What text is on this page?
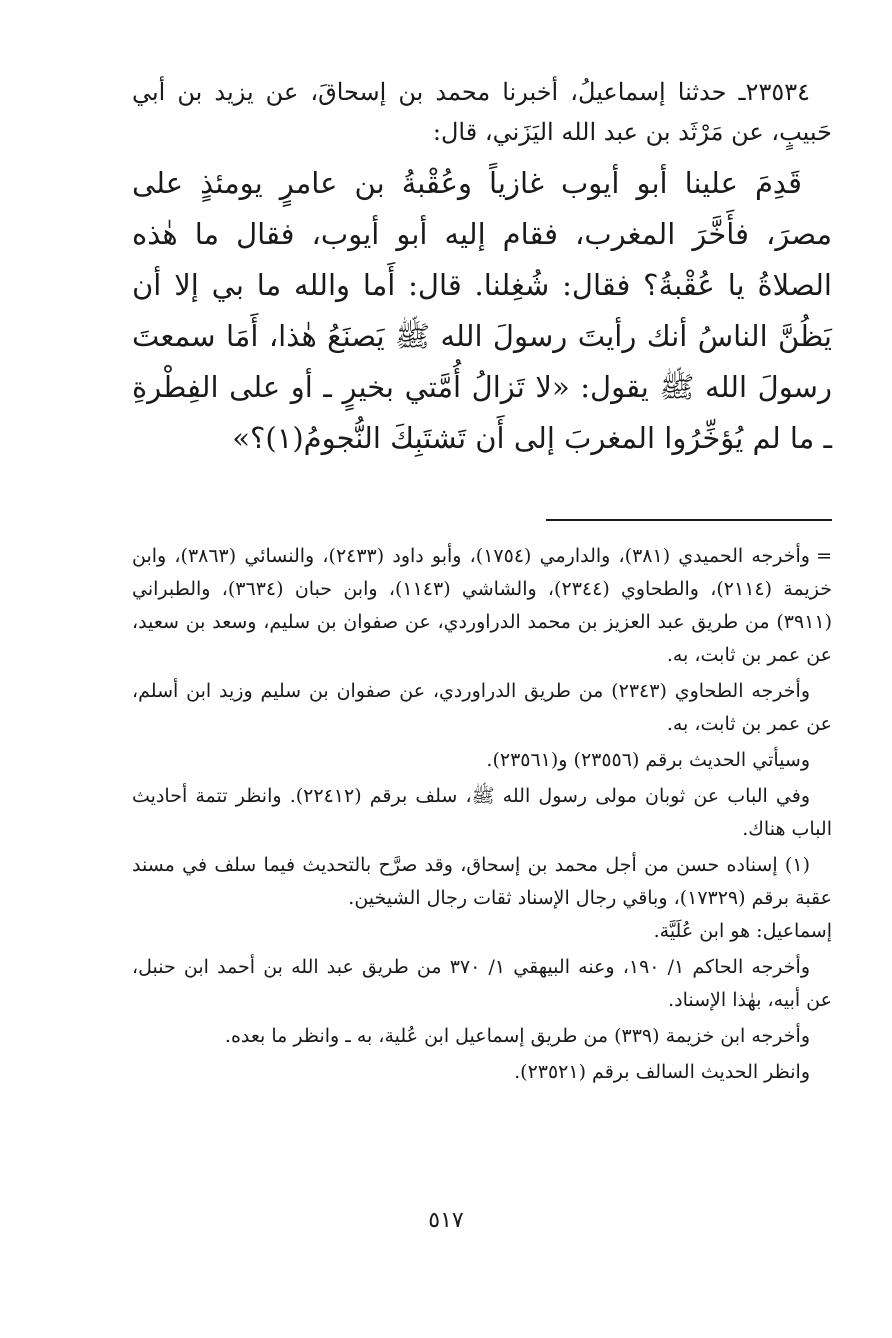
٢٣٥٣٤ـ حدثنا إسماعيلُ، أخبرنا محمد بن إسحاقَ، عن يزيد بن أبي حَبيبٍ، عن مَرْثَد بن عبد الله اليَزَني، قال:

قَدِمَ علينا أبو أيوب غازياً وعُقْبةُ بن عامرٍ يومئذٍ على مصرَ، فأَخَّرَ المغرب، فقام إليه أبو أيوب، فقال ما هٰذه الصلاةُ يا عُقْبةُ؟ فقال: شُغِلنا. قال: أَما والله ما بي إلا أن يَظُنَّ الناسُ أنك رأيتَ رسولَ الله ﷺ يَصنَعُ هٰذا، أَمَا سمعتَ رسولَ الله ﷺ يقول: «لا تَزالُ أُمَّتي بخيرٍ ـ أو على الفِطْرةِ ـ ما لم يُؤخِّرُوا المغربَ إلى أَن تَشتَبِكَ النُّجومُ(١)؟»

=وأخرجه الحميدي (٣٨١)، والدارمي (١٧٥٤)، وأبو داود (٢٤٣٣)، والنسائي (٣٨٦٣)، وابن خزيمة (٢١١٤)، والطحاوي (٢٣٤٤)، والشاشي (١١٤٣)، وابن حبان (٣٦٣٤)، والطبراني (٣٩١١) من طريق عبد العزيز بن محمد الدراوردي، عن صفوان بن سليم، وسعد بن سعيد، عن عمر بن ثابت، به.

وأخرجه الطحاوي (٢٣٤٣) من طريق الدراوردي، عن صفوان بن سليم وزيد ابن أسلم، عن عمر بن ثابت، به.

وسيأتي الحديث برقم (٢٣٥٥٦) و(٢٣٥٦١).

وفي الباب عن ثوبان مولى رسول الله ﷺ، سلف برقم (٢٢٤١٢). وانظر تتمة أحاديث الباب هناك.

(١) إسناده حسن من أجل محمد بن إسحاق، وقد صرَّح بالتحديث فيما سلف في مسند عقبة برقم (١٧٣٢٩)، وباقي رجال الإسناد ثقات رجال الشيخين.

إسماعيل: هو ابن عُلَيَّة.

وأخرجه الحاكم ١/ ١٩٠، وعنه البيهقي ١/ ٣٧٠ من طريق عبد الله بن أحمد ابن حنبل، عن أبيه، بهٰذا الإسناد.

وأخرجه ابن خزيمة (٣٣٩) من طريق إسماعيل ابن عُلية، به ـ وانظر ما بعده.

وانظر الحديث السالف برقم (٢٣٥٢١).

٥١٧
